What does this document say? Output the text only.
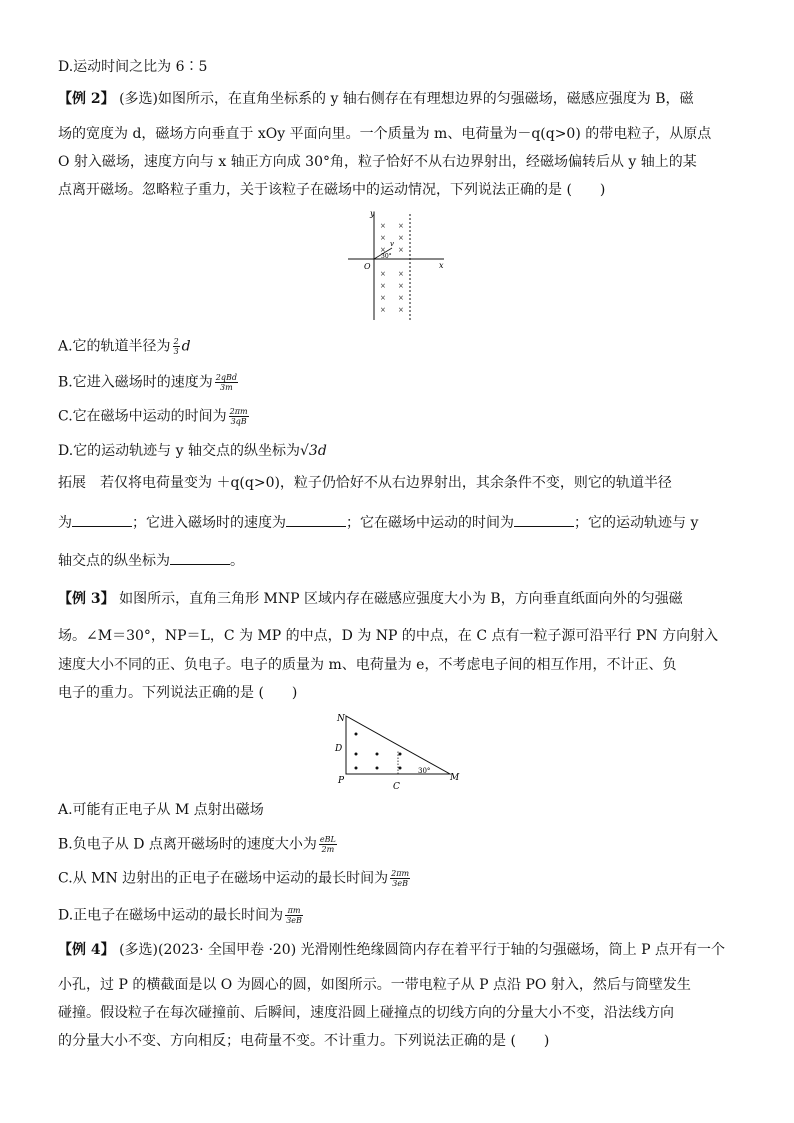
D.运动时间之比为 6∶5
【例 2】 (多选)如图所示，在直角坐标系的 y 轴右侧存在有理想边界的匀强磁场，磁感应强度为 B，磁
场的宽度为 d，磁场方向垂直于 xOy 平面向里。一个质量为 m、电荷量为－q(q>0) 的带电粒子，从原点
O 射入磁场，速度方向与 x 轴正方向成 30°角，粒子恰好不从右边界射出，经磁场偏转后从 y 轴上的某
点离开磁场。忽略粒子重力，关于该粒子在磁场中的运动情况，下列说法正确的是 (　　)
× ×
× ×
× ×
× ×
× ×
× ×
× ×
y
x
O
v
30°
A.它的轨道半径为 $\frac{2}{3}$ d
B.它进入磁场时的速度为 $\frac{\text{2qBd}}{3m}$
C.它在磁场中运动的时间为 $\frac{2\pi m}{3qB}$
D.它的运动轨迹与 y 轴交点的纵坐标为√3d
拓展　若仅将电荷量变为 ＋q(q>0)，粒子仍恰好不从右边界射出，其余条件不变，则它的轨道半径
为	；它进入磁场时的速度为	；它在磁场中运动的时间为	；它的运动轨迹与 y
轴交点的纵坐标为	。
【例 3】 如图所示，直角三角形 MNP 区域内存在磁感应强度大小为 B，方向垂直纸面向外的匀强磁
场。∠M＝30°，NP＝L，C 为 MP 的中点，D 为 NP 的中点，在 C 点有一粒子源可沿平行 PN 方向射入
速度大小不同的正、负电子。电子的质量为 m、电荷量为 e，不考虑电子间的相互作用，不计正、负
电子的重力。下列说法正确的是 (　　)
N
D
P
C
M
30°
A.可能有正电子从 M 点射出磁场
B.负电子从 D 点离开磁场时的速度大小为 $\frac{\text{eBL}}{2m}$
C.从 MN 边射出的正电子在磁场中运动的最长时间为 $\frac{2\pi m}{3eB}$
D.正电子在磁场中运动的最长时间为 $\frac{\pi m}{3eB}$
【例 4】 (多选)(2023· 全国甲卷 ·20) 光滑刚性绝缘圆筒内存在着平行于轴的匀强磁场，筒上 P 点开有一个
小孔，过 P 的横截面是以 O 为圆心的圆，如图所示。一带电粒子从 P 点沿 PO 射入，然后与筒壁发生
碰撞。假设粒子在每次碰撞前、后瞬间，速度沿圆上碰撞点的切线方向的分量大小不变，沿法线方向
的分量大小不变、方向相反；电荷量不变。不计重力。下列说法正确的是 (　　)
